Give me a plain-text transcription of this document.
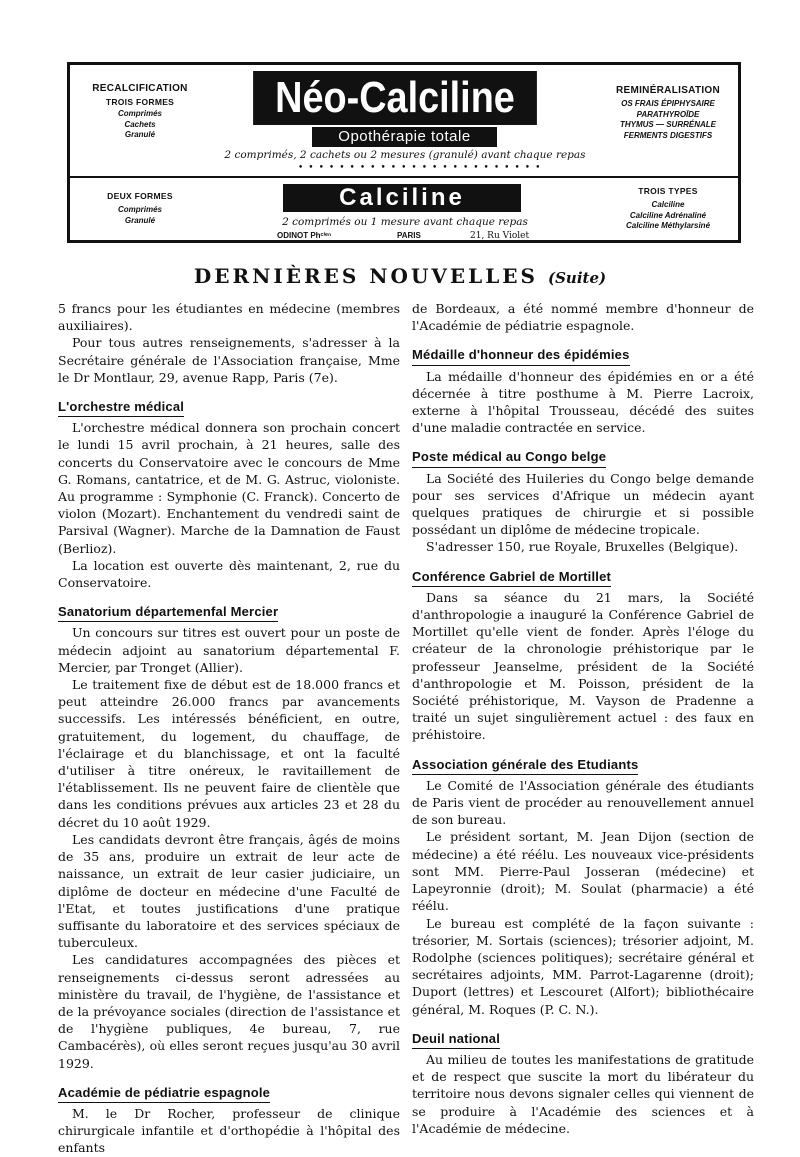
RECALCIFICATION
TROIS FORMES
Comprimés
Cachets
Granulé
DEUX FORMES
Comprimés
Granulé
Néo-Calciline
Opothérapie totale
2 comprimés, 2 cachets ou 2 mesures (granulé) avant chaque repas
••••••••••••••••••••••••
Calciline
2 comprimés ou 1 mesure avant chaque repas
ODINOT Phᶜⁱᵉⁿ	PARIS	21, Ru Violet
REMINÉRALISATION
OS FRAIS ÉPIPHYSAIRE
PARATHYROÏDE
THYMUS — SURRÉNALE
FERMENTS DIGESTIFS
TROIS TYPES
Calciline
Calciline Adrénaliné
Calciline Méthylarsiné
DERNIÈRES NOUVELLES (Suite)

5 francs pour les étudiantes en médecine (membres auxiliaires).

Pour tous autres renseignements, s'adresser à la Secrétaire générale de l'Association française, Mme le Dr Montlaur, 29, avenue Rapp, Paris (7e).

L'orchestre médical

L'orchestre médical donnera son prochain concert le lundi 15 avril prochain, à 21 heures, salle des concerts du Conservatoire avec le concours de Mme G. Romans, cantatrice, et de M. G. Astruc, violoniste. Au programme : Symphonie (C. Franck). Concerto de violon (Mozart). Enchantement du vendredi saint de Parsival (Wagner). Marche de la Damnation de Faust (Berlioz).

La location est ouverte dès maintenant, 2, rue du Conservatoire.

Sanatorium départemenfal Mercier

Un concours sur titres est ouvert pour un poste de médecin adjoint au sanatorium départemental F. Mercier, par Tronget (Allier).

Le traitement fixe de début est de 18.000 francs et peut atteindre 26.000 francs par avancements successifs. Les intéressés bénéficient, en outre, gratuitement, du logement, du chauffage, de l'éclairage et du blanchissage, et ont la faculté d'utiliser à titre onéreux, le ravitaillement de l'établissement. Ils ne peuvent faire de clientèle que dans les conditions prévues aux articles 23 et 28 du décret du 10 août 1929.

Les candidats devront être français, âgés de moins de 35 ans, produire un extrait de leur acte de naissance, un extrait de leur casier judiciaire, un diplôme de docteur en médecine d'une Faculté de l'Etat, et toutes justifications d'une pratique suffisante du laboratoire et des services spéciaux de tuberculeux.

Les candidatures accompagnées des pièces et renseignements ci-dessus seront adressées au ministère du travail, de l'hygiène, de l'assistance et de la prévoyance sociales (direction de l'assistance et de l'hygiène publiques, 4e bureau, 7, rue Cambacérès), où elles seront reçues jusqu'au 30 avril 1929.

Académie de pédiatrie espagnole

M. le Dr Rocher, professeur de clinique chirurgicale infantile et d'orthopédie à l'hôpital des enfants

de Bordeaux, a été nommé membre d'honneur de l'Académie de pédiatrie espagnole.

Médaille d'honneur des épidémies

La médaille d'honneur des épidémies en or a été décernée à titre posthume à M. Pierre Lacroix, externe à l'hôpital Trousseau, décédé des suites d'une maladie contractée en service.

Poste médical au Congo belge

La Société des Huileries du Congo belge demande pour ses services d'Afrique un médecin ayant quelques pratiques de chirurgie et si possible possédant un diplôme de médecine tropicale.

S'adresser 150, rue Royale, Bruxelles (Belgique).

Conférence Gabriel de Mortillet

Dans sa séance du 21 mars, la Société d'anthropologie a inauguré la Conférence Gabriel de Mortillet qu'elle vient de fonder. Après l'éloge du créateur de la chronologie préhistorique par le professeur Jeanselme, président de la Société d'anthropologie et M. Poisson, président de la Société préhistorique, M. Vayson de Pradenne a traité un sujet singulièrement actuel : des faux en préhistoire.

Association générale des Etudiants

Le Comité de l'Association générale des étudiants de Paris vient de procéder au renouvellement annuel de son bureau.

Le président sortant, M. Jean Dijon (section de médecine) a été réélu. Les nouveaux vice-présidents sont MM. Pierre-Paul Josseran (médecine) et Lapeyronnie (droit); M. Soulat (pharmacie) a été réélu.

Le bureau est complété de la façon suivante : trésorier, M. Sortais (sciences); trésorier adjoint, M. Rodolphe (sciences politiques); secrétaire général et secrétaires adjoints, MM. Parrot-Lagarenne (droit); Duport (lettres) et Lescouret (Alfort); bibliothécaire général, M. Roques (P. C. N.).

Deuil national

Au milieu de toutes les manifestations de gratitude et de respect que suscite la mort du libérateur du territoire nous devons signaler celles qui viennent de se produire à l'Académie des sciences et à l'Académie de médecine.
